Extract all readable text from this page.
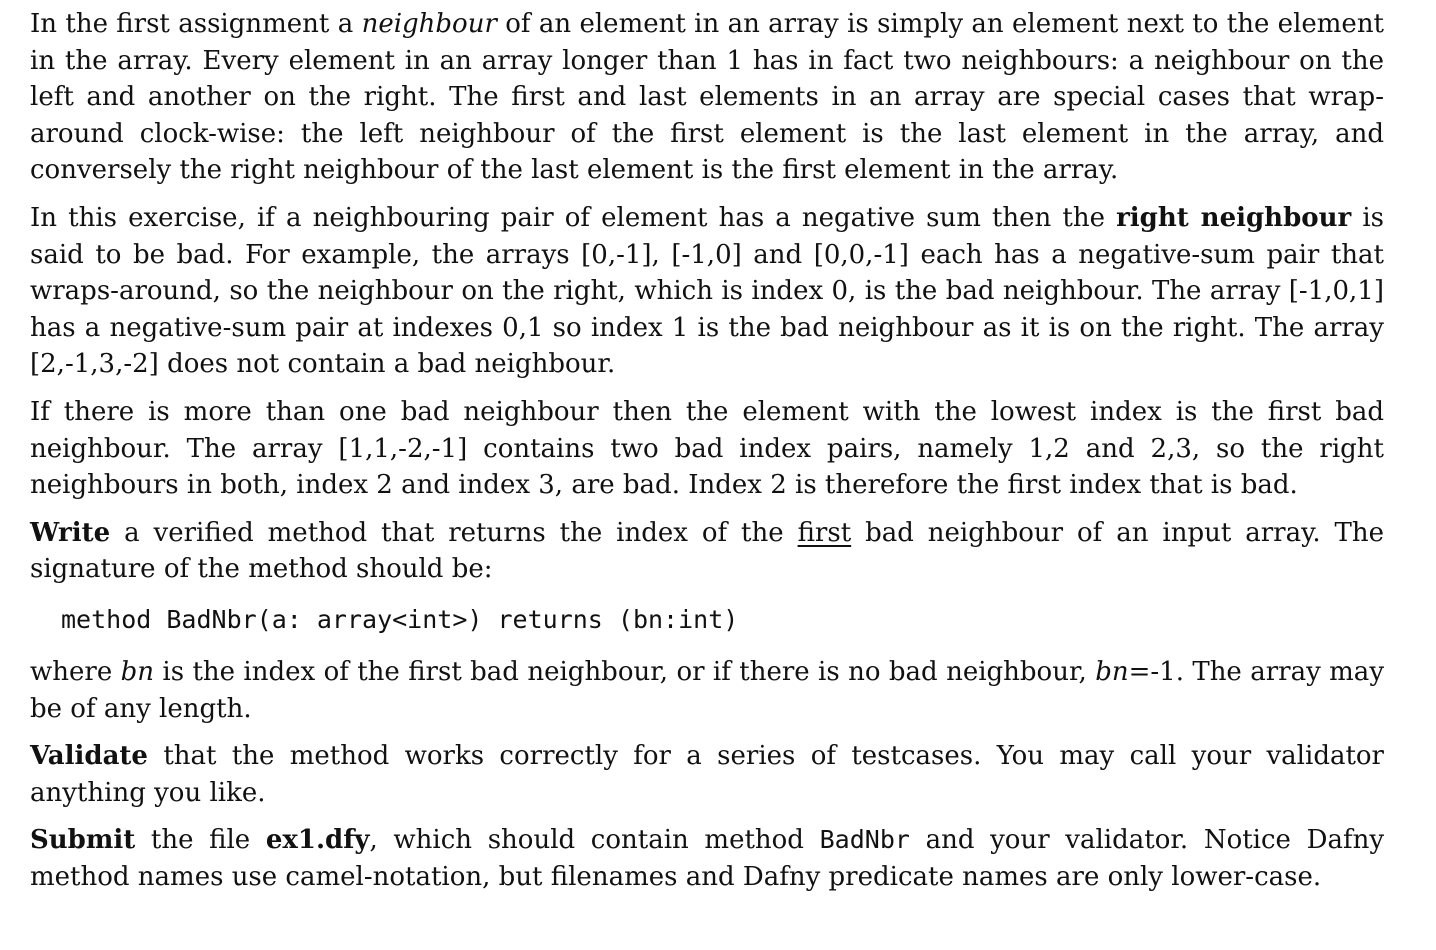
In the first assignment a neighbour of an element in an array is simply an element next to the element in the array. Every element in an array longer than 1 has in fact two neighbours: a neighbour on the left and another on the right. The first and last elements in an array are special cases that wrap-around clock-wise: the left neighbour of the first element is the last element in the array, and conversely the right neighbour of the last element is the first element in the array.

In this exercise, if a neighbouring pair of element has a negative sum then the right neighbour is said to be bad. For example, the arrays [0,-1], [-1,0] and [0,0,-1] each has a negative-sum pair that wraps-around, so the neighbour on the right, which is index 0, is the bad neighbour. The array [-1,0,1] has a negative-sum pair at indexes 0,1 so index 1 is the bad neighbour as it is on the right. The array [2,-1,3,-2] does not contain a bad neighbour.

If there is more than one bad neighbour then the element with the lowest index is the first bad neighbour. The array [1,1,-2,-1] contains two bad index pairs, namely 1,2 and 2,3, so the right neighbours in both, index 2 and index 3, are bad. Index 2 is therefore the first index that is bad.

Write a verified method that returns the index of the first bad neighbour of an input array. The signature of the method should be:

method BadNbr(a: array<int>) returns (bn:int)

where bn is the index of the first bad neighbour, or if there is no bad neighbour, bn=-1. The array may be of any length.

Validate that the method works correctly for a series of testcases. You may call your validator anything you like.

Submit the file ex1.dfy, which should contain method BadNbr and your validator. Notice Dafny method names use camel-notation, but filenames and Dafny predicate names are only lower-case.
